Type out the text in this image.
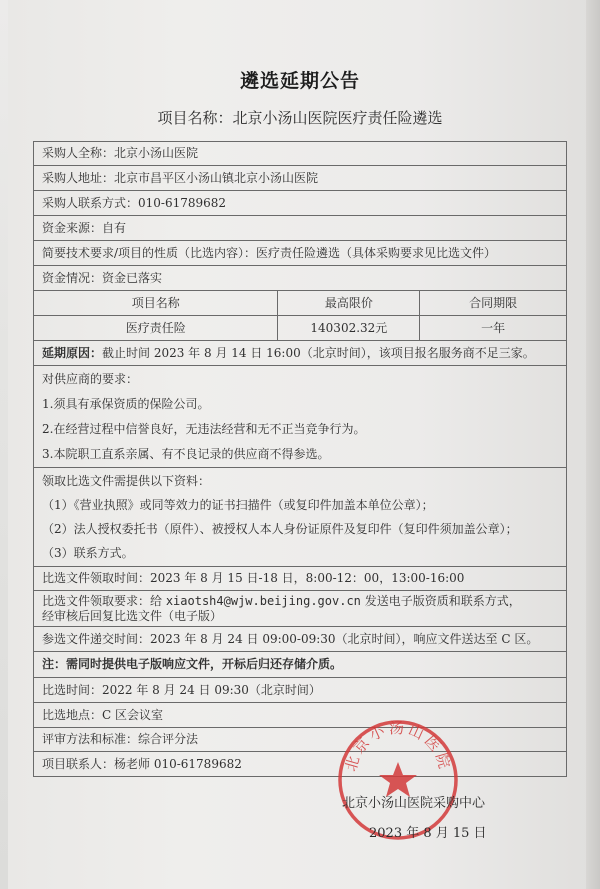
遴选延期公告
项目名称：北京小汤山医院医疗责任险遴选
采购人全称：北京小汤山医院		
采购人地址：北京市昌平区小汤山镇北京小汤山医院		
采购人联系方式：010-61789682		
资金来源：自有		
简要技术要求/项目的性质（比选内容）：医疗责任险遴选（具体采购要求见比选文件）		
资金情况：资金已落实		
项目名称	最高限价	合同期限
医疗责任险	140302.32元	一年
延期原因：截止时间 2023 年 8 月 14 日 16:00（北京时间），该项目报名服务商不足三家。		

对供应商的要求：
1.须具有承保资质的保险公司。
2.在经营过程中信誉良好，无违法经营和无不正当竞争行为。
3.本院职工直系亲属、有不良记录的供应商不得参选。		

领取比选文件需提供以下资料：
（1）《营业执照》或同等效力的证书扫描件（或复印件加盖本单位公章）；
（2）法人授权委托书（原件）、被授权人本人身份证原件及复印件（复印件须加盖公章）；
（3）联系方式。		

比选文件领取时间：2023 年 8 月 15 日-18 日，8:00-12：00，13:00-16:00		

比选文件领取要求：给 xiaotsh4@wjw.beijing.gov.cn 发送电子版资质和联系方式，
经审核后回复比选文件（电子版）		

参选文件递交时间：2023 年 8 月 24 日 09:00-09:30（北京时间），响应文件送达至 C 区。		
注：需同时提供电子版响应文件，开标后归还存储介质。		
比选时间：2022 年 8 月 24 日 09:30（北京时间）		
比选地点：C 区会议室		
评审方法和标准：综合评分法		
项目联系人：杨老师 010-61789682			北京小汤山医院
北京小汤山医院采购中心
2023 年 8 月 15 日
